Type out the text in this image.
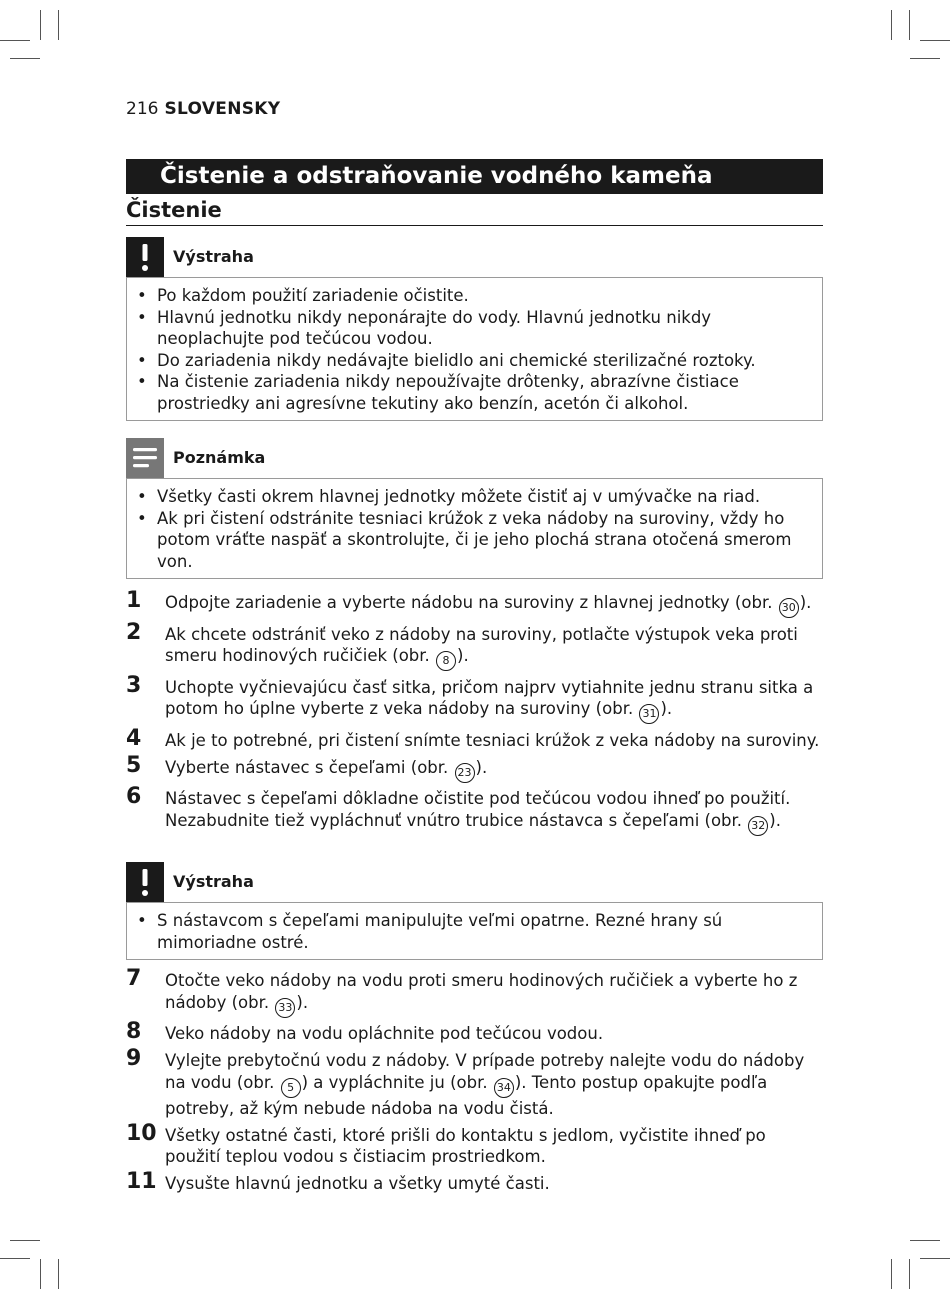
216 SLOVENSKY
Čistenie a odstraňovanie vodného kameňa
Čistenie
Výstraha
• Po každom použití zariadenie očistite.
• Hlavnú jednotku nikdy neponárajte do vody. Hlavnú jednotku nikdy neoplachujte pod tečúcou vodou.
• Do zariadenia nikdy nedávajte bielidlo ani chemické sterilizačné roztoky.
• Na čistenie zariadenia nikdy nepoužívajte drôtenky, abrazívne čistiace prostriedky ani agresívne tekutiny ako benzín, acetón či alkohol.
Poznámka
• Všetky časti okrem hlavnej jednotky môžete čistiť aj v umývačke na riad.
• Ak pri čistení odstránite tesniaci krúžok z veka nádoby na suroviny, vždy ho potom vráťte naspäť a skontrolujte, či je jeho plochá strana otočená smerom von.
1 Odpojte zariadenie a vyberte nádobu na suroviny z hlavnej jednotky (obr. 30 ).
2 Ak chcete odstrániť veko z nádoby na suroviny, potlačte výstupok veka proti smeru hodinových ručičiek (obr. 8 ).
3 Uchopte vyčnievajúcu časť sitka, pričom najprv vytiahnite jednu stranu sitka a potom ho úplne vyberte z veka nádoby na suroviny (obr. 31 ).
4 Ak je to potrebné, pri čistení snímte tesniaci krúžok z veka nádoby na suroviny.
5 Vyberte nástavec s čepeľami (obr. 23 ).
6 Nástavec s čepeľami dôkladne očistite pod tečúcou vodou ihneď po použití. Nezabudnite tiež vypláchnuť vnútro trubice nástavca s čepeľami (obr. 32 ).
Výstraha
• S nástavcom s čepeľami manipulujte veľmi opatrne. Rezné hrany sú mimoriadne ostré.
7 Otočte veko nádoby na vodu proti smeru hodinových ručičiek a vyberte ho z nádoby (obr. 33 ).
8 Veko nádoby na vodu opláchnite pod tečúcou vodou.
9 Vylejte prebytočnú vodu z nádoby. V prípade potreby nalejte vodu do nádoby na vodu (obr. 5 ) a vypláchnite ju (obr. 34 ). Tento postup opakujte podľa potreby, až kým nebude nádoba na vodu čistá.
10 Všetky ostatné časti, ktoré prišli do kontaktu s jedlom, vyčistite ihneď po použití teplou vodou s čistiacim prostriedkom.
11 Vysušte hlavnú jednotku a všetky umyté časti.
